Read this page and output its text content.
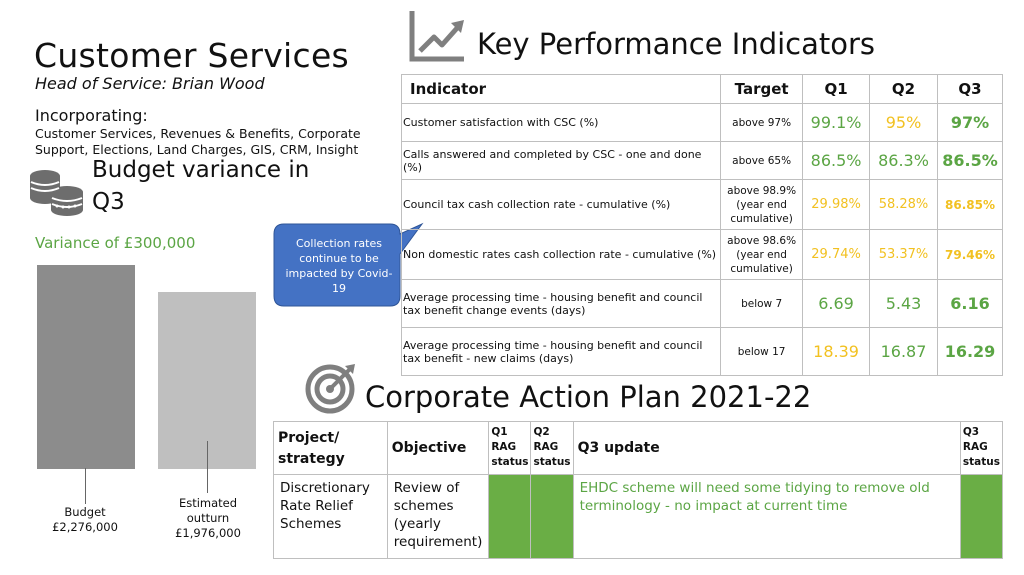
Customer Services
Head of Service: Brian Wood
Incorporating:
Customer Services, Revenues & Benefits, Corporate Support, Elections, Land Charges, GIS, CRM, Insight
Budget variance in Q3
Variance of £300,000
Budget
£2,276,000
Estimated
outturn
£1,976,000
Collection rates continue to be impacted by Covid-19
Key Performance Indicators
Indicator	Target	Q1	Q2	Q3
Customer satisfaction with CSC (%)	above 97%	99.1%	95%	97%
Calls answered and completed by CSC - one and done (%)	above 65%	86.5%	86.3%	86.5%
Council tax cash collection rate - cumulative (%)	above 98.9% (year end cumulative)	29.98%	58.28%	86.85%
Non domestic rates cash collection rate - cumulative (%)	above 98.6% (year end cumulative)	29.74%	53.37%	79.46%
Average processing time - housing benefit and council tax benefit change events (days)	below 7	6.69	5.43	6.16
Average processing time - housing benefit and council tax benefit - new claims (days)	below 17	18.39	16.87	16.29
Corporate Action Plan 2021-22
Project/ strategy	Objective	Q1 RAG status	Q2 RAG status	Q3 update	Q3 RAG status
Discretionary Rate Relief Schemes	Review of schemes (yearly requirement)			EHDC scheme will need some tidying to remove old terminology - no impact at current time	
